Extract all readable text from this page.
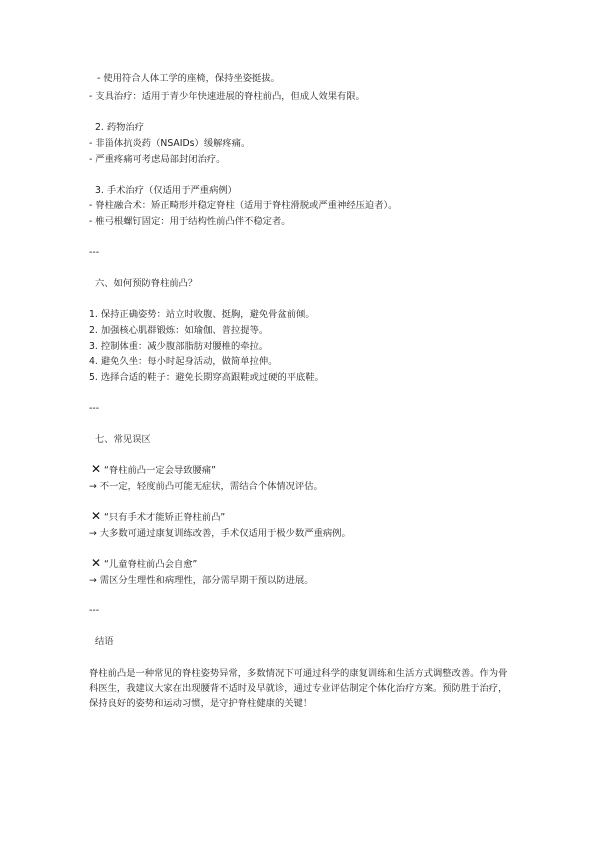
- 使用符合人体工学的座椅，保持坐姿挺拔。
- 支具治疗：适用于青少年快速进展的脊柱前凸，但成人效果有限。
2. 药物治疗
- 非甾体抗炎药（NSAIDs）缓解疼痛。
- 严重疼痛可考虑局部封闭治疗。
3. 手术治疗（仅适用于严重病例）
- 脊柱融合术：矫正畸形并稳定脊柱（适用于脊柱滑脱或严重神经压迫者）。
- 椎弓根螺钉固定：用于结构性前凸伴不稳定者。
---
六、如何预防脊柱前凸？
1. 保持正确姿势：站立时收腹、挺胸，避免骨盆前倾。
2. 加强核心肌群锻炼：如瑜伽、普拉提等。
3. 控制体重：减少腹部脂肪对腰椎的牵拉。
4. 避免久坐：每小时起身活动，做简单拉伸。
5. 选择合适的鞋子：避免长期穿高跟鞋或过硬的平底鞋。
---
七、常见误区
✕ “脊柱前凸一定会导致腰痛”
→ 不一定，轻度前凸可能无症状，需结合个体情况评估。
✕ “只有手术才能矫正脊柱前凸”
→ 大多数可通过康复训练改善，手术仅适用于极少数严重病例。
✕ “儿童脊柱前凸会自愈”
→ 需区分生理性和病理性，部分需早期干预以防进展。
---
结语
脊柱前凸是一种常见的脊柱姿势异常，多数情况下可通过科学的康复训练和生活方式调整改善。作为骨科医生，我建议大家在出现腰背不适时及早就诊，通过专业评估制定个体化治疗方案。预防胜于治疗，保持良好的姿势和运动习惯，是守护脊柱健康的关键！
